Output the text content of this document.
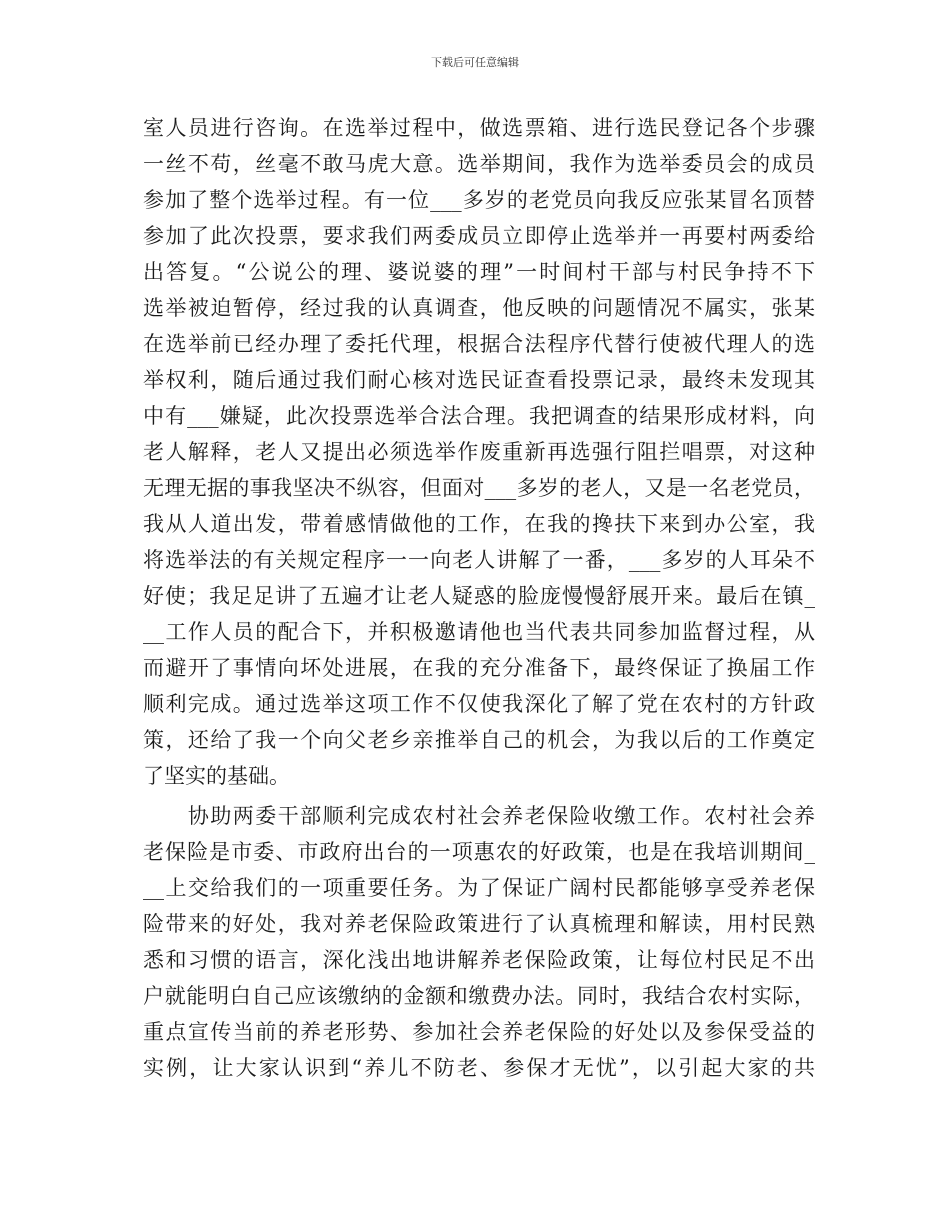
下载后可任意编辑
室人员进行咨询。在选举过程中，做选票箱、进行选民登记各个步骤
一丝不苟，丝毫不敢马虎大意。选举期间，我作为选举委员会的成员
参加了整个选举过程。有一位___多岁的老党员向我反应张某冒名顶替
参加了此次投票，要求我们两委成员立即停止选举并一再要村两委给
出答复。“公说公的理、婆说婆的理”一时间村干部与村民争持不下
选举被迫暂停，经过我的认真调查，他反映的问题情况不属实，张某
在选举前已经办理了委托代理，根据合法程序代替行使被代理人的选
举权利，随后通过我们耐心核对选民证查看投票记录，最终未发现其
中有___嫌疑，此次投票选举合法合理。我把调查的结果形成材料，向
老人解释，老人又提出必须选举作废重新再选强行阻拦唱票，对这种
无理无据的事我坚决不纵容，但面对___多岁的老人，又是一名老党员，
我从人道出发，带着感情做他的工作，在我的搀扶下来到办公室，我
将选举法的有关规定程序一一向老人讲解了一番，___多岁的人耳朵不
好使；我足足讲了五遍才让老人疑惑的脸庞慢慢舒展开来。最后在镇_
__工作人员的配合下，并积极邀请他也当代表共同参加监督过程，从
而避开了事情向坏处进展，在我的充分准备下，最终保证了换届工作
顺利完成。通过选举这项工作不仅使我深化了解了党在农村的方针政
策，还给了我一个向父老乡亲推举自己的机会，为我以后的工作奠定
了坚实的基础。
　　协助两委干部顺利完成农村社会养老保险收缴工作。农村社会养
老保险是市委、市政府出台的一项惠农的好政策，也是在我培训期间_
__上交给我们的一项重要任务。为了保证广阔村民都能够享受养老保
险带来的好处，我对养老保险政策进行了认真梳理和解读，用村民熟
悉和习惯的语言，深化浅出地讲解养老保险政策，让每位村民足不出
户就能明白自己应该缴纳的金额和缴费办法。同时，我结合农村实际，
重点宣传当前的养老形势、参加社会养老保险的好处以及参保受益的
实例，让大家认识到“养儿不防老、参保才无忧”，以引起大家的共
